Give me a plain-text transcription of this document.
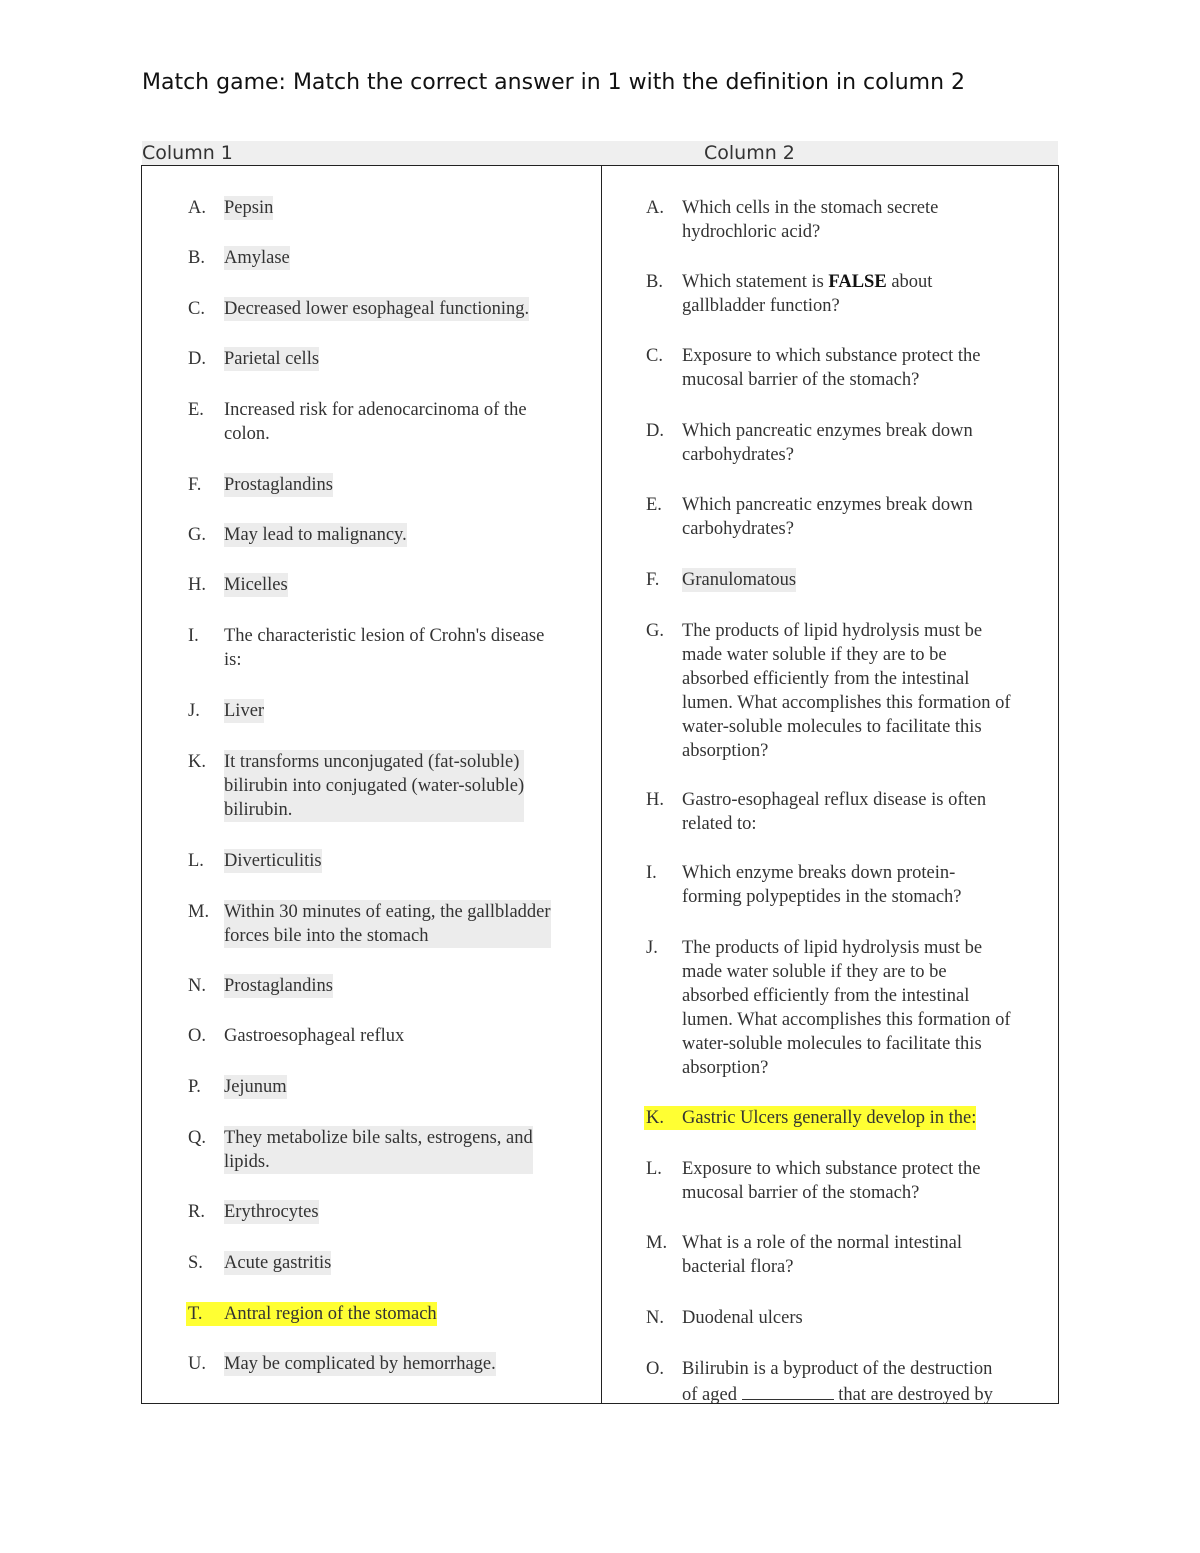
Match game: Match the correct answer in 1 with the definition in column 2
Column 1	Column 2
A. Pepsin
B.	Amylase
C.	Decreased lower esophageal functioning.
D. Parietal cells
E.	Increased risk for adenocarcinoma of the
colon.
F.	Prostaglandins
G. May lead to malignancy.
H. Micelles
I.	The characteristic lesion of Crohn's disease
is:
J.	Liver
K. It transforms unconjugated (fat-soluble)
bilirubin into conjugated (water-soluble)
bilirubin.
L.	Diverticulitis
M. Within 30 minutes of eating, the gallbladder
forces bile into the stomach
N. Prostaglandins
O. Gastroesophageal reflux
P.	Jejunum
Q. They metabolize bile salts, estrogens, and
lipids.
R.	Erythrocytes
S.	Acute gastritis
T.	Antral region of the stomach
U. May be complicated by hemorrhage.
A. Which cells in the stomach secrete
hydrochloric acid?
B.	Which statement is FALSE about
gallbladder function?
C.	Exposure to which substance protect the
mucosal barrier of the stomach?
D. Which pancreatic enzymes break down
carbohydrates?
E.	Which pancreatic enzymes break down
carbohydrates?
F.	Granulomatous
G. The products of lipid hydrolysis must be
made water soluble if they are to be
absorbed efficiently from the intestinal
lumen. What accomplishes this formation of
water-soluble molecules to facilitate this
absorption?
H. Gastro-esophageal reflux disease is often
related to:
I.	Which enzyme breaks down protein-
forming polypeptides in the stomach?
J.	The products of lipid hydrolysis must be
made water soluble if they are to be
absorbed efficiently from the intestinal
lumen. What accomplishes this formation of
water-soluble molecules to facilitate this
absorption?
K. Gastric Ulcers generally develop in the:
L.	Exposure to which substance protect the
mucosal barrier of the stomach?
M. What is a role of the normal intestinal
bacterial flora?
N. Duodenal ulcers
O. Bilirubin is a byproduct of the destruction
of aged	that are destroyed by
